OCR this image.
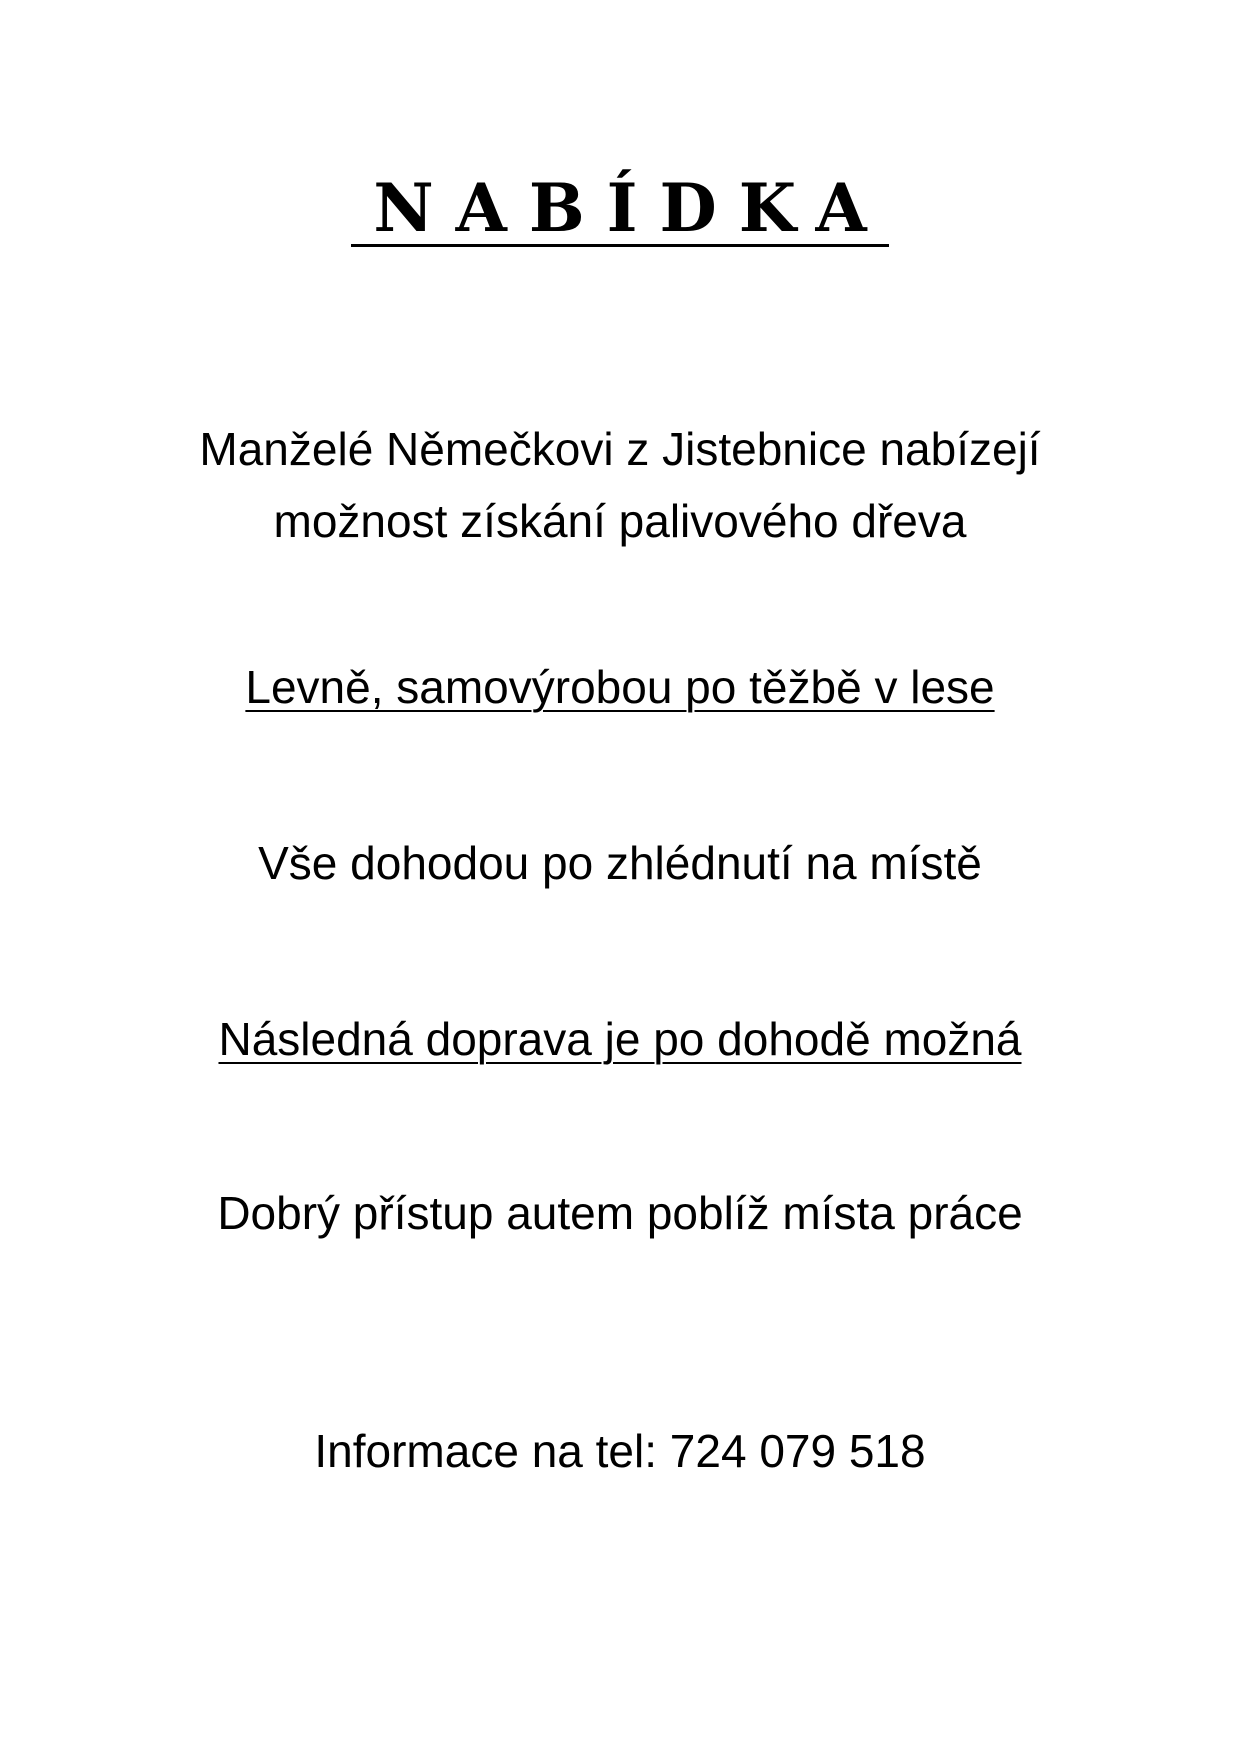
NABÍDKA
Manželé Němečkovi z Jistebnice nabízejí
možnost získání palivového dřeva
Levně, samovýrobou po těžbě v lese
Vše dohodou po zhlédnutí na místě
Následná doprava je po dohodě možná
Dobrý přístup autem poblíž místa práce
Informace na tel: 724 079 518
